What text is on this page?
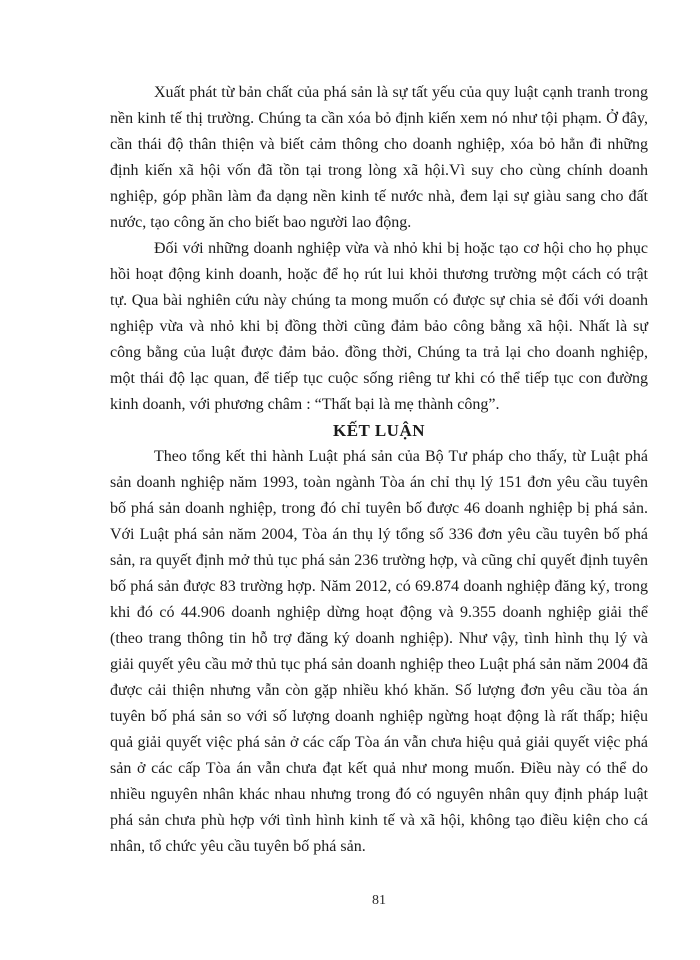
Xuất phát từ bản chất của phá sản là sự tất yếu của quy luật cạnh tranh trong nền kinh tế thị trường. Chúng ta cần xóa bỏ định kiến xem nó như tội phạm. Ở đây, cần thái độ thân thiện và biết cảm thông cho doanh nghiệp, xóa bỏ hẳn đi những định kiến xã hội vốn đã tồn tại trong lòng xã hội.Vì suy cho cùng chính doanh nghiệp, góp phần làm đa dạng nền kinh tế nước nhà, đem lại sự giàu sang cho đất nước, tạo công ăn cho biết bao người lao động.

Đối với những doanh nghiệp vừa và nhỏ khi bị hoặc tạo cơ hội cho họ phục hồi hoạt động kinh doanh, hoặc để họ rút lui khỏi thương trường một cách có trật tự. Qua bài nghiên cứu này chúng ta mong muốn có được sự chia sẻ đối với doanh nghiệp vừa và nhỏ khi bị đồng thời cũng đảm bảo công bằng xã hội. Nhất là sự công bằng của luật được đảm bảo. đồng thời, Chúng ta trả lại cho doanh nghiệp, một thái độ lạc quan, để tiếp tục cuộc sống riêng tư khi có thể tiếp tục con đường kinh doanh, với phương châm : “Thất bại là mẹ thành công”.

KẾT LUẬN

Theo tổng kết thi hành Luật phá sản của Bộ Tư pháp cho thấy, từ Luật phá sản doanh nghiệp năm 1993, toàn ngành Tòa án chỉ thụ lý 151 đơn yêu cầu tuyên bố phá sản doanh nghiệp, trong đó chỉ tuyên bố được 46 doanh nghiệp bị phá sản. Với Luật phá sản năm 2004, Tòa án thụ lý tổng số 336 đơn yêu cầu tuyên bố phá sản, ra quyết định mở thủ tục phá sản 236 trường hợp, và cũng chỉ quyết định tuyên bố phá sản được 83 trường hợp. Năm 2012, có 69.874 doanh nghiệp đăng ký, trong khi đó có 44.906 doanh nghiệp dừng hoạt động và 9.355 doanh nghiệp giải thể (theo trang thông tin hỗ trợ đăng ký doanh nghiệp). Như vậy, tình hình thụ lý và giải quyết yêu cầu mở thủ tục phá sản doanh nghiệp theo Luật phá sản năm 2004 đã được cải thiện nhưng vẫn còn gặp nhiều khó khăn. Số lượng đơn yêu cầu tòa án tuyên bố phá sản so với số lượng doanh nghiệp ngừng hoạt động là rất thấp; hiệu quả giải quyết việc phá sản ở các cấp Tòa án vẫn chưa hiệu quả giải quyết việc phá sản ở các cấp Tòa án vẫn chưa đạt kết quả như mong muốn. Điều này có thể do nhiều nguyên nhân khác nhau nhưng trong đó có nguyên nhân quy định pháp luật phá sản chưa phù hợp với tình hình kinh tế và xã hội, không tạo điều kiện cho cá nhân, tổ chức yêu cầu tuyên bố phá sản.

81
